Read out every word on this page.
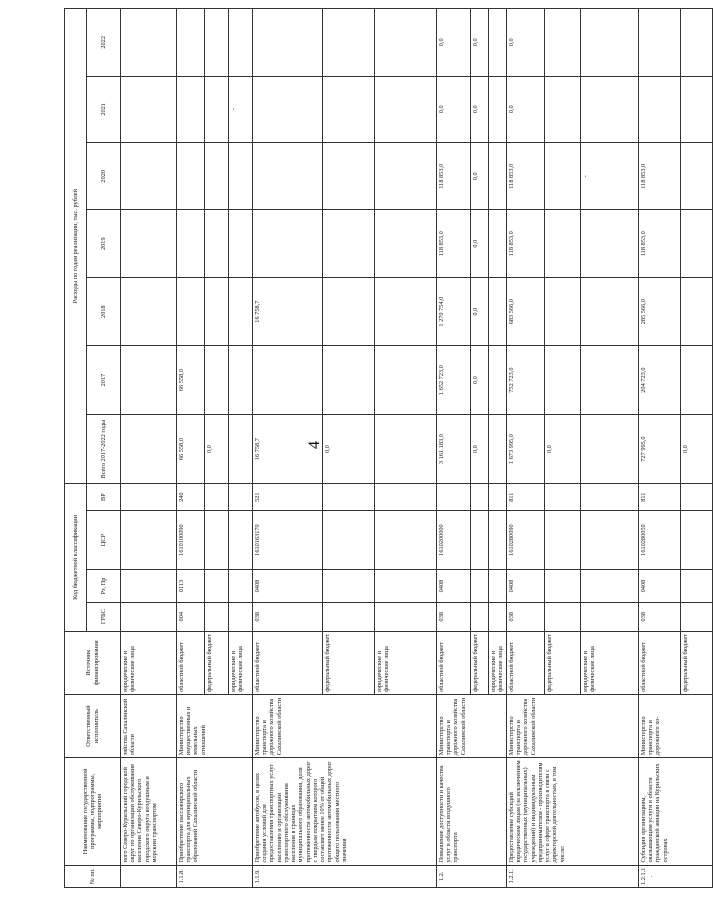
4
№ пп.	Наименование государственной программы, подпрограммы, мероприятия	Ответственный исполнитель	Источник финансирования	Код бюджетной классификации				Расходы по годам реализации, тыс. рублей						
				ГРБС	Рз, Пр	ЦСР	ВР	Всего 2017-2022 годы	2017	2018	2019	2020	2021	2022
	ного Северо-Курильский городской округ по организации обслуживания населения Северо-Курильского городского округа воздушным и морским транспортом	зяйства Сахалинской области	юридические и физические лица											
1.1.8.	Приобретение пассажирского транспорта для муниципальных образований Сахалинской области	Министерство имущественных и земельных отношений	областной бюджет	004	0113	1610100090	240	66 558,0	66 558,0					
			федеральный бюджет					0,0						
			юридические и физические лица										-	
1.1.9.	Приобретение автобусов, в целях создания условий для предоставления транспортных услуг населению и организации транспортного обслуживания населения в границах муниципального образования, доля протяженности автомобильных дорог с твердым покрытием которого составляет менее 10% от общей протяженности автомобильных дорог общего пользования местного значения	Министерство транспорта и дорожного хозяйства Сахалинской области	областной бюджет	038	0408	1610163170	521	16 758,7		16 758,7				
			федеральный бюджет					0,0						
			юридические и физические лица											
1.2.	Повышение доступности и качества услуг в области воздушного транспорта	Министерство транспорта и дорожного хозяйства Сахалинской области	областной бюджет	038	0408	1610200000		3 161 183,0	1 652 723,0	1 270 754,0	118 853,0	118 853,0	0,0	0,0
			федеральный бюджет					0,0	0,0	0,0	0,0	0,0	0,0	0,0
			юридические и физические лица											
1.2.1.	Предоставление субсидий юридическим лицам (за исключением государственных (муниципальных) учреждений) и индивидуальным предпринимателям - производителям услуг в сфере транспорта в связи с директорской деятельностью, в том числе:	Министерство транспорта и дорожного хозяйства Сахалинской области	областной бюджет	038	0408	1610280090	811	1 673 995,0	752 723,0	683 566,0	118 853,0	118 853,0	0,0	0,0
			федеральный бюджет					0,0						
			юридические и физические лица									-		
1.2.1.1.	Субсидия организациям, оказывающим услуги в области гражданской авиации на Курильских островах	Министерство транспорта и дорожного хо-	областной бюджет	038	0408	1610280050	811	727 995,0	204 723,0	285 566,0	118 853,0	118 853,0		
			федеральный бюджет					0,0						
